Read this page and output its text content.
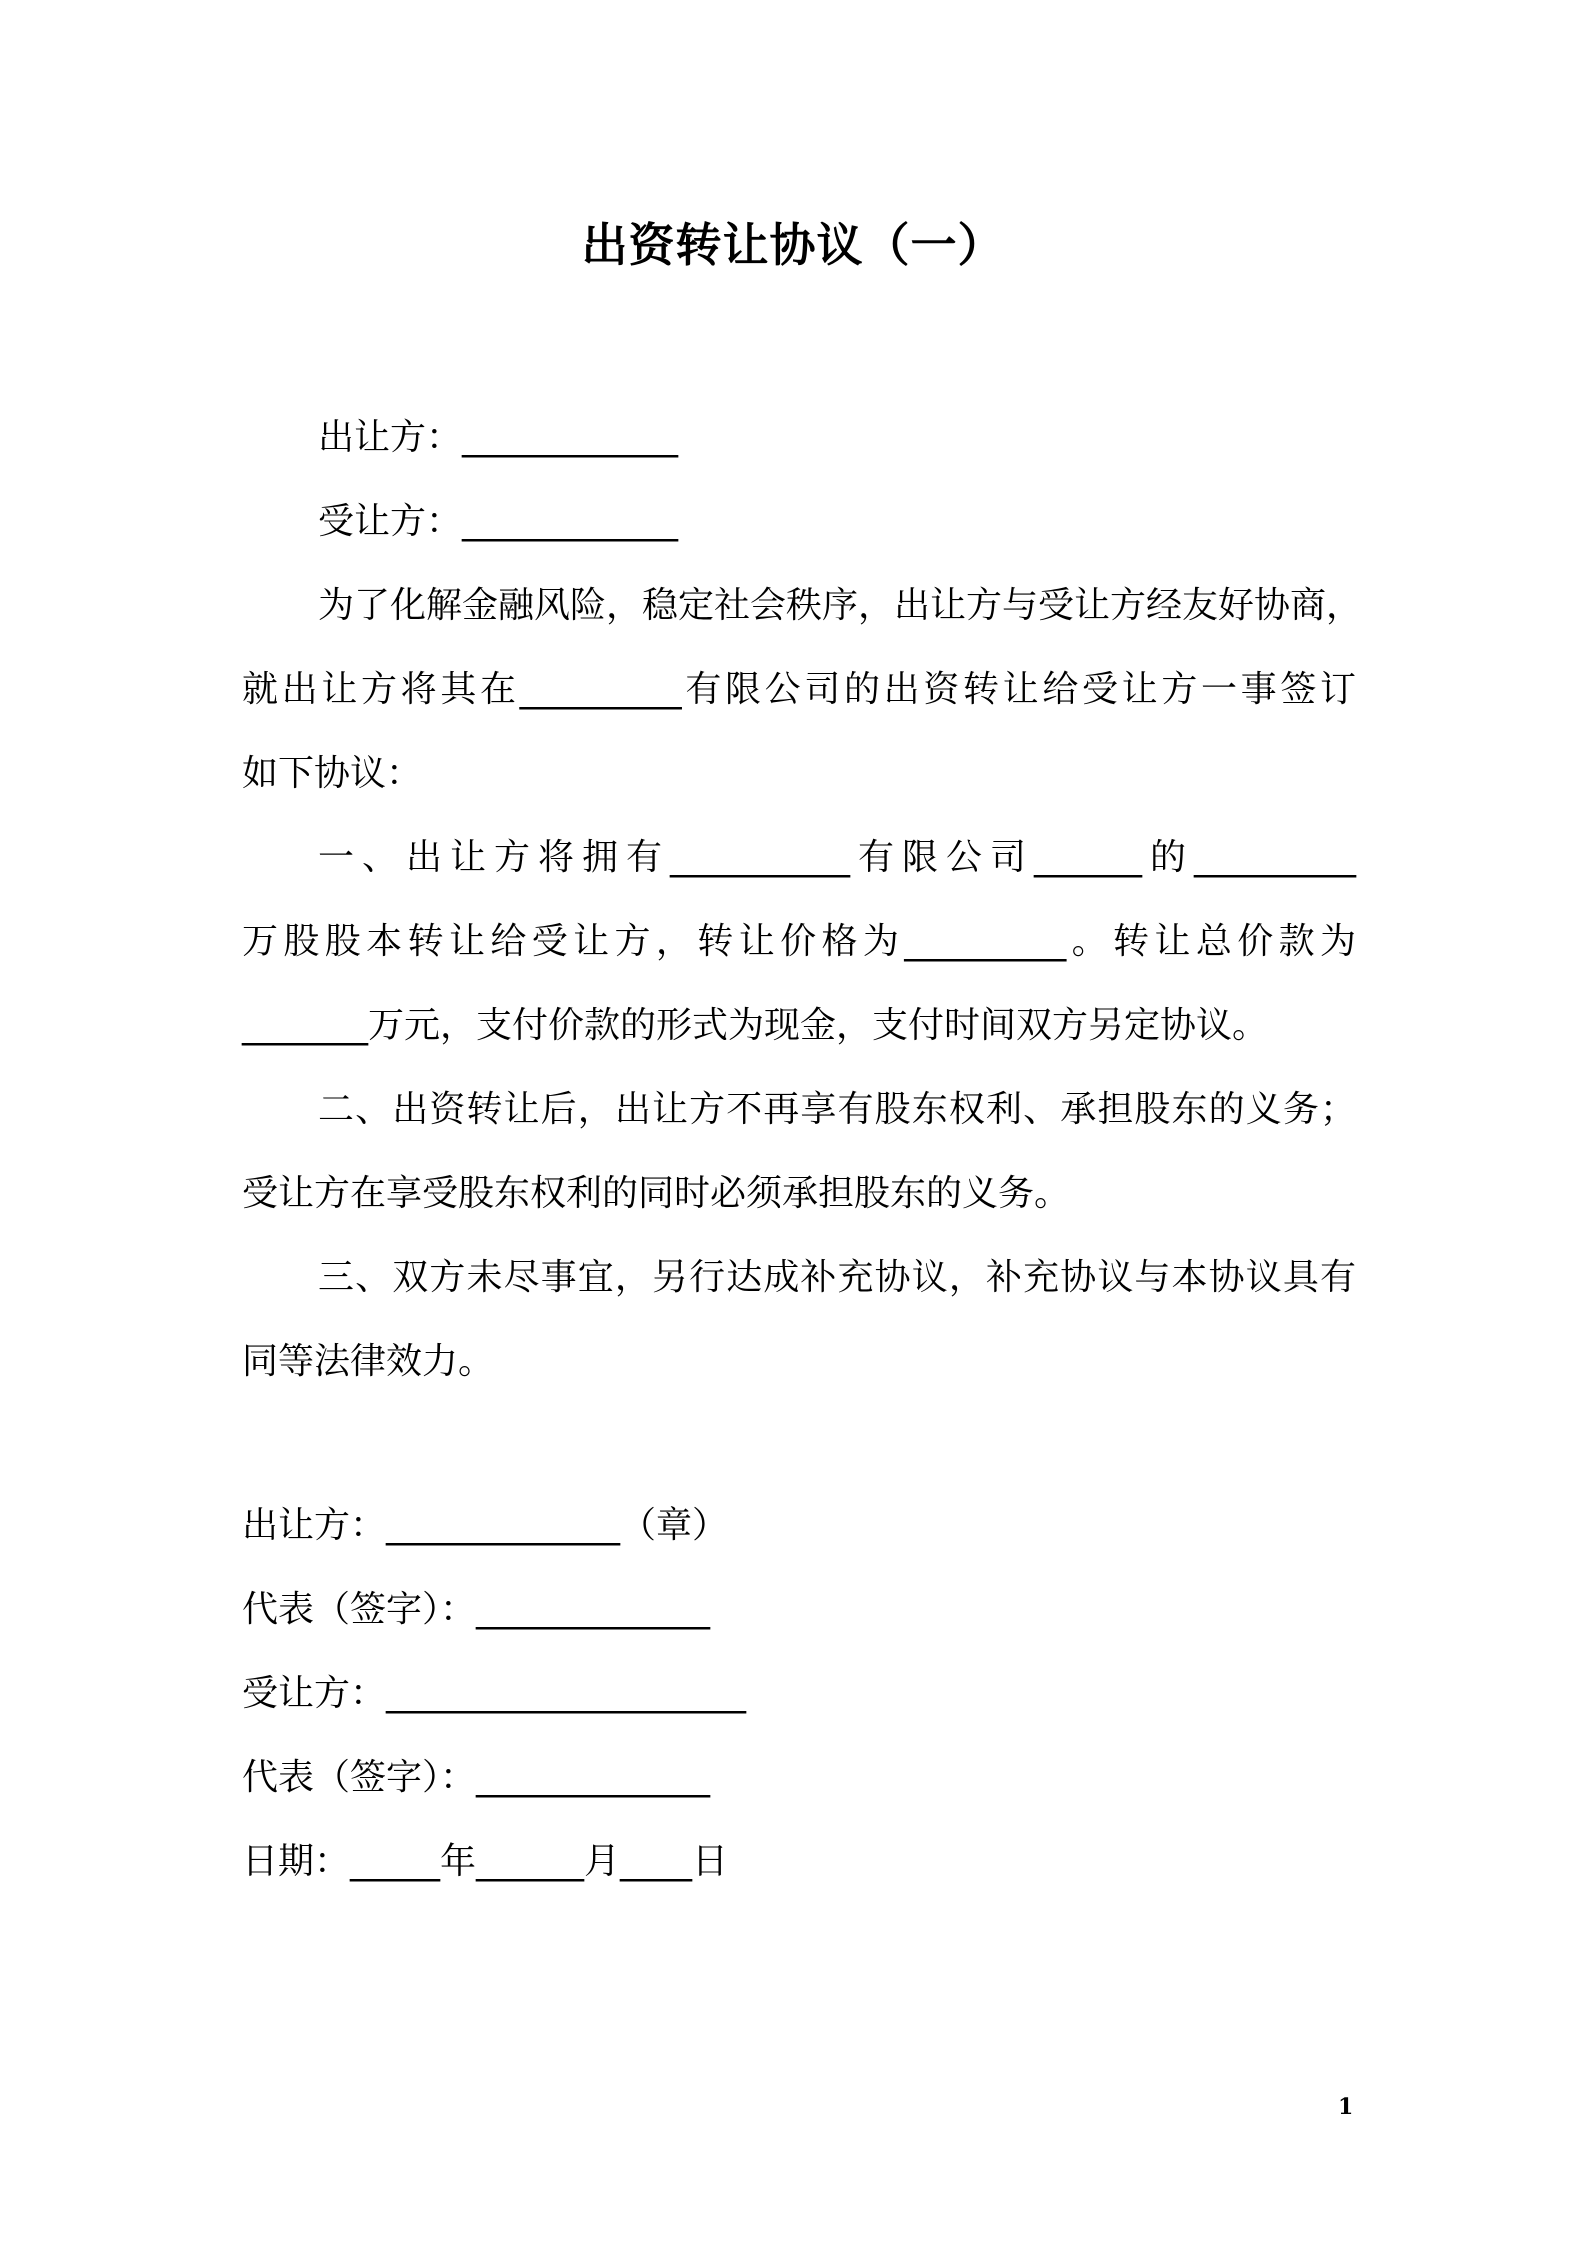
出资转让协议（一）
出让方：____________
受让方：____________
为了化解金融风险，稳定社会秩序，出让方与受让方经友好协商，
就出让方将其在_________有限公司的出资转让给受让方一事签订
如下协议：
一、出让方将拥有__________有限公司______的_________
万股股本转让给受让方，转让价格为_________。转让总价款为
_______万元，支付价款的形式为现金，支付时间双方另定协议。
二、出资转让后，出让方不再享有股东权利、承担股东的义务；
受让方在享受股东权利的同时必须承担股东的义务。
三、双方未尽事宜，另行达成补充协议，补充协议与本协议具有
同等法律效力。
出让方：_____________（章）
代表（签字）：_____________
受让方：____________________
代表（签字）：_____________
日期：_____年______月____日
1
